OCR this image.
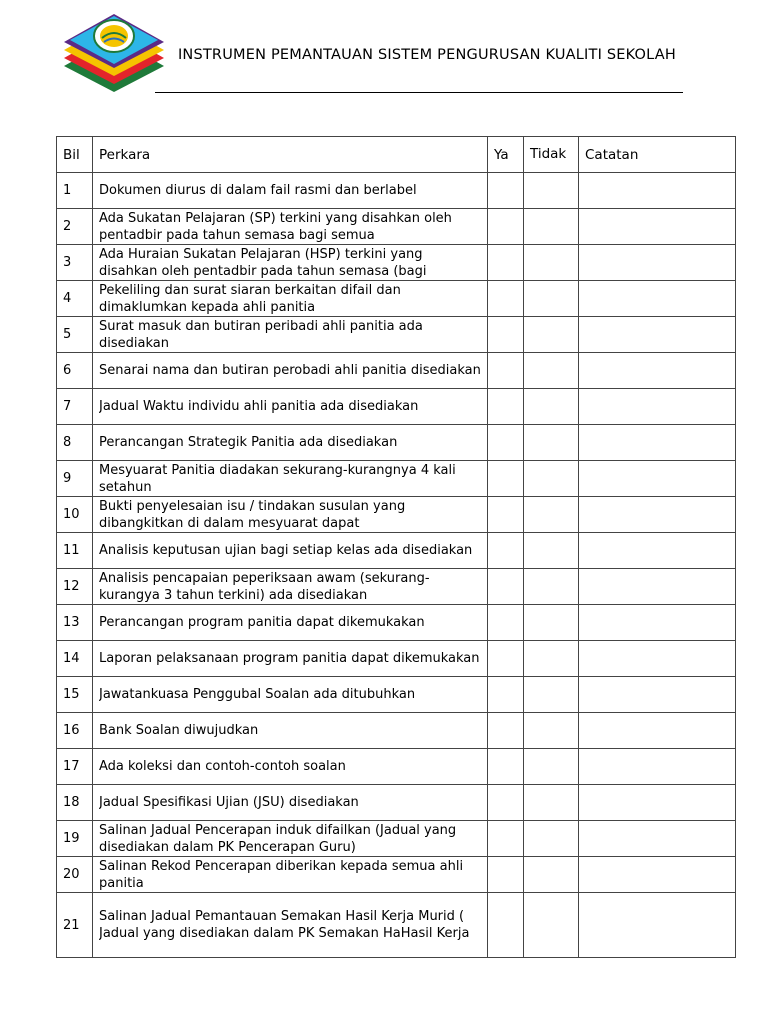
INSTRUMEN PEMANTAUAN SISTEM PENGURUSAN KUALITI SEKOLAH
Bil	Perkara	Ya	Tidak	Catatan
1	Dokumen diurus di dalam fail rasmi dan berlabel			

2	Ada Sukatan Pelajaran (SP) terkini yang disahkan oleh pentadbir pada tahun semasa bagi semua			

3	Ada Huraian Sukatan Pelajaran (HSP) terkini yang disahkan oleh pentadbir pada tahun semasa (bagi			

4	Pekeliling dan surat siaran berkaitan difail dan dimaklumkan kepada ahli panitia			

5	Surat masuk dan butiran peribadi ahli panitia ada disediakan			

6	Senarai nama dan butiran perobadi ahli panitia disediakan			

7	Jadual Waktu individu ahli panitia ada disediakan			

8	Perancangan Strategik Panitia ada disediakan			

9	Mesyuarat Panitia diadakan sekurang-kurangnya 4 kali setahun			

10	Bukti penyelesaian isu / tindakan susulan yang dibangkitkan di dalam mesyuarat dapat			

11	Analisis keputusan ujian bagi setiap kelas ada disediakan			

12	Analisis pencapaian peperiksaan awam (sekurang-kurangya 3 tahun terkini) ada disediakan			

13	Perancangan program panitia dapat dikemukakan			

14	Laporan pelaksanaan program panitia dapat dikemukakan			

15	Jawatankuasa Penggubal Soalan ada ditubuhkan			

16	Bank Soalan diwujudkan			

17	Ada koleksi dan contoh-contoh soalan			

18	Jadual Spesifikasi Ujian (JSU) disediakan			

19	Salinan Jadual Pencerapan induk difailkan (Jadual yang disediakan dalam PK Pencerapan Guru)			

20	Salinan Rekod Pencerapan diberikan kepada semua ahli panitia			

21	Salinan Jadual Pemantauan Semakan Hasil Kerja Murid ( Jadual yang disediakan dalam PK Semakan HaHasil Kerja			
